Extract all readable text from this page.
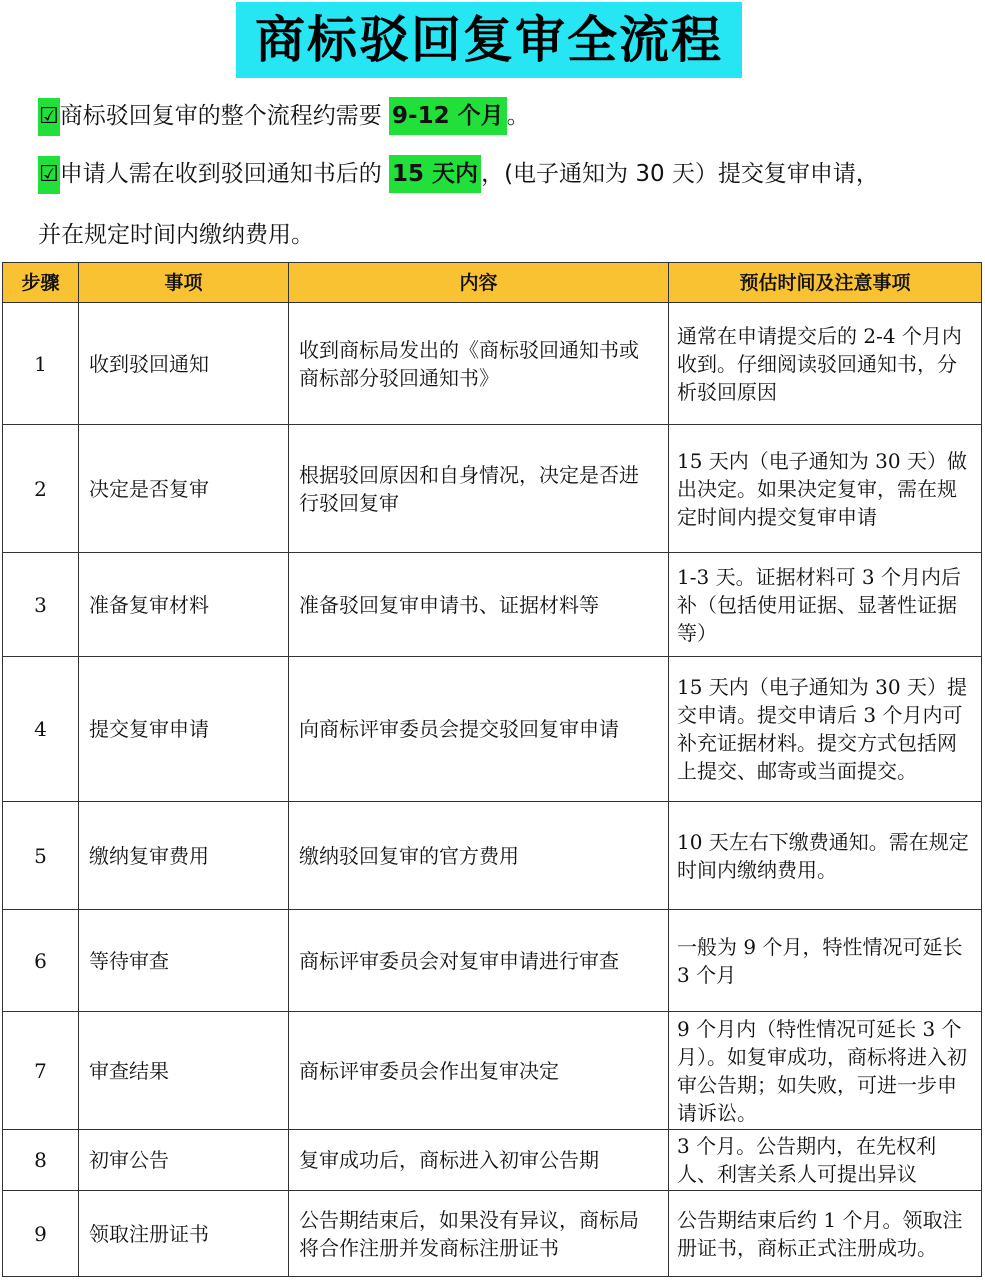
商标驳回复审全流程
☑商标驳回复审的整个流程约需要 9-12 个月 。
☑申请人需在收到驳回通知书后的 15 天内 ，(电子通知为 30 天）提交复审申请，
并在规定时间内缴纳费用。
步骤	事项	内容	预估时间及注意事项
1	收到驳回通知	收到商标局发出的《商标驳回通知书或商标部分驳回通知书》	通常在申请提交后的 2-4 个月内收到。仔细阅读驳回通知书，分析驳回原因
2	决定是否复审	根据驳回原因和自身情况，决定是否进行驳回复审	15 天内（电子通知为 30 天）做出决定。如果决定复审，需在规定时间内提交复审申请
3	准备复审材料	准备驳回复审申请书、证据材料等	1-3 天。证据材料可 3 个月内后补（包括使用证据、显著性证据等）
4	提交复审申请	向商标评审委员会提交驳回复审申请	15 天内（电子通知为 30 天）提交申请。提交申请后 3 个月内可补充证据材料。提交方式包括网上提交、邮寄或当面提交。
5	缴纳复审费用	缴纳驳回复审的官方费用	10 天左右下缴费通知。需在规定时间内缴纳费用。
6	等待审查	商标评审委员会对复审申请进行审查	一般为 9 个月，特性情况可延长 3 个月
7	审查结果	商标评审委员会作出复审决定	9 个月内（特性情况可延长 3 个月）。如复审成功，商标将进入初审公告期；如失败，可进一步申请诉讼。
8	初审公告	复审成功后，商标进入初审公告期	3 个月。公告期内，在先权利人、利害关系人可提出异议
9	领取注册证书	公告期结束后，如果没有异议，商标局将合作注册并发商标注册证书	公告期结束后约 1 个月。领取注册证书，商标正式注册成功。
